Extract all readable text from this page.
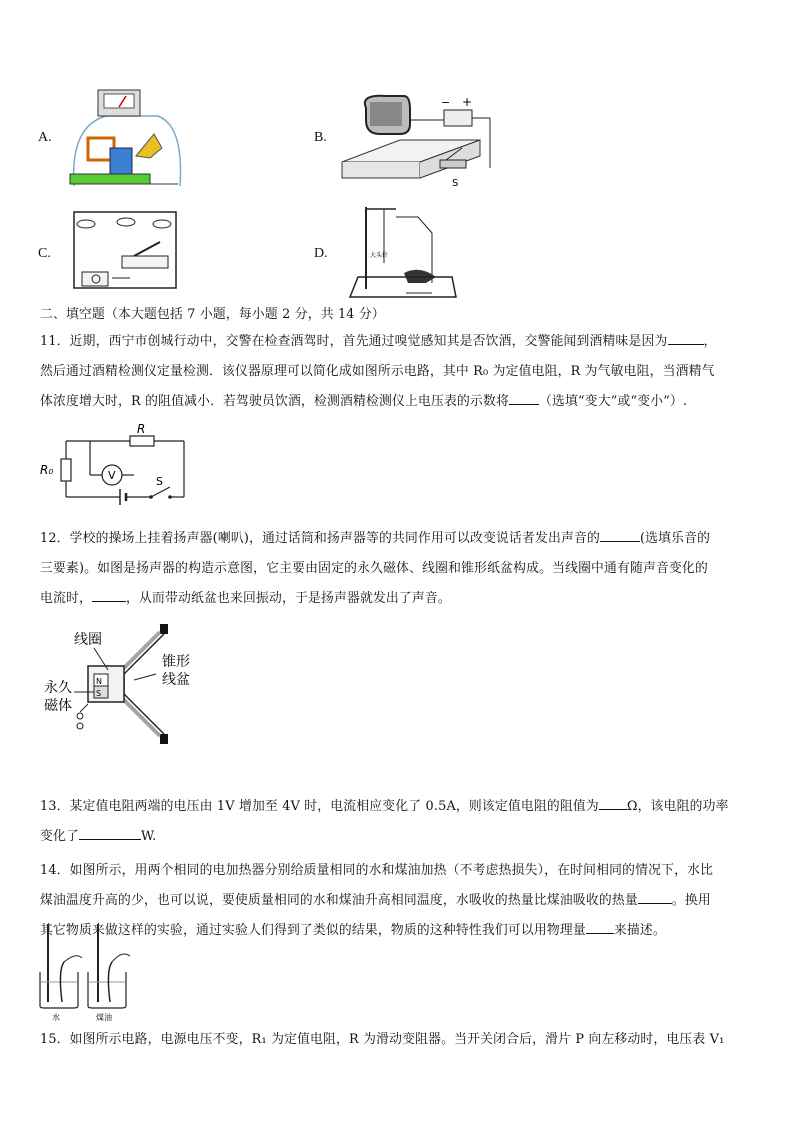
A.	B.
− +
S
C.	D.	大头针
二、填空题（本大题包括 7 小题，每小题 2 分，共 14 分）
11．近期，西宁市创城行动中，交警在检查酒驾时，首先通过嗅觉感知其是否饮酒，交警能闻到酒精味是因为	，
然后通过酒精检测仪定量检测．该仪器原理可以简化成如图所示电路，其中 R₀ 为定值电阻，R 为气敏电阻，当酒精气
体浓度增大时，R 的阻值减小．若驾驶员饮酒，检测酒精检测仪上电压表的示数将 （选填“变大”或“变小”）.
R
R₀	V	S
12．学校的操场上挂着扬声器(喇叭)，通过话筒和扬声器等的共同作用可以改变说话者发出声音的	(选填乐音的
三要素)。如图是扬声器的构造示意图，它主要由固定的永久磁体、线圈和锥形纸盆构成。当线圈中通有随声音变化的
电流时，	，从而带动纸盆也来回振动，于是扬声器就发出了声音。
N
S
线圈
锥形
线盆
永久
磁体
13．某定值电阻两端的电压由 1V 增加至 4V 时，电流相应变化了 0.5A，则该定值电阻的阻值为 Ω，该电阻的功率
变化了	W.
14．如图所示，用两个相同的电加热器分别给质量相同的水和煤油加热（不考虑热损失），在时间相同的情况下，水比
煤油温度升高的少，也可以说，要使质量相同的水和煤油升高相同温度，水吸收的热量比煤油吸收的热量	。换用
其它物质来做这样的实验，通过实验人们得到了类似的结果，物质的这种特性我们可以用物理量 来描述。
水	煤油
15．如图所示电路，电源电压不变，R₁ 为定值电阻，R 为滑动变阻器。当开关闭合后，滑片 P 向左移动时，电压表 V₁
